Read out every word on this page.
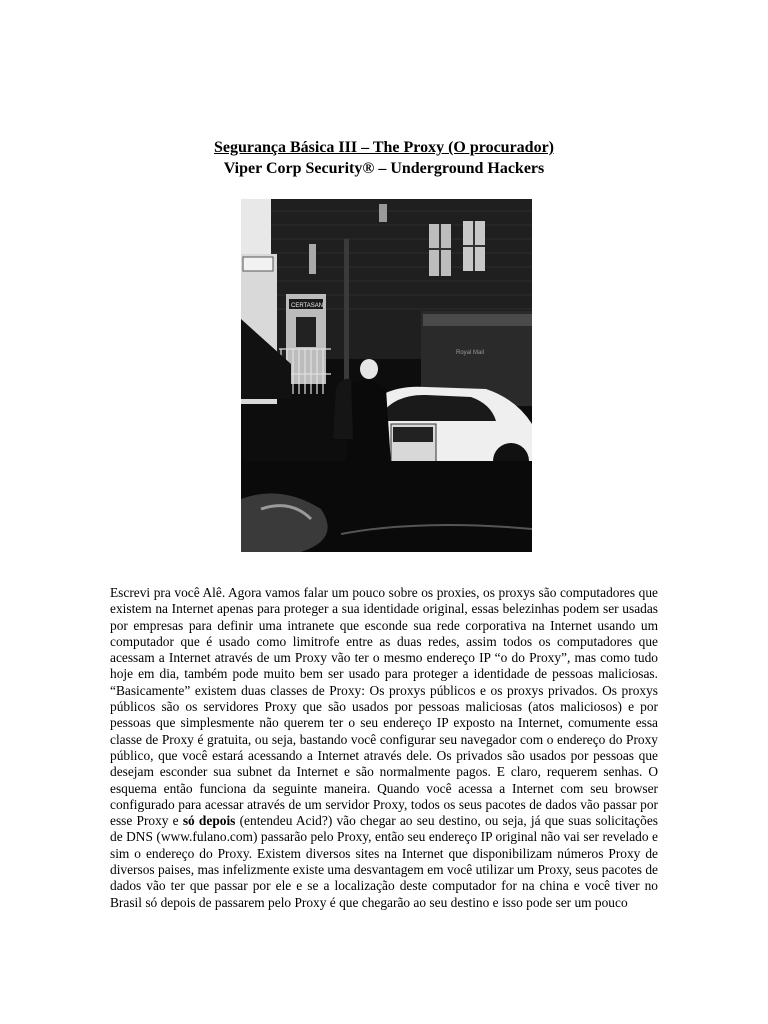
Segurança Básica III – The Proxy (O procurador)
Viper Corp Security® – Underground Hackers
CERTASAN
Royal Mail

Escrevi pra você Alê. Agora vamos falar um pouco sobre os proxies, os proxys são computadores que existem na Internet apenas para proteger a sua identidade original, essas belezinhas podem ser usadas por empresas para definir uma intranete que esconde sua rede corporativa na Internet usando um computador que é usado como limitrofe entre as duas redes, assim todos os computadores que acessam a Internet através de um Proxy vão ter o mesmo endereço IP “o do Proxy”, mas como tudo hoje em dia, também pode muito bem ser usado para proteger a identidade de pessoas maliciosas. “Basicamente” existem duas classes de Proxy: Os proxys públicos e os proxys privados. Os proxys públicos são os servidores Proxy que são usados por pessoas maliciosas (atos maliciosos) e por pessoas que simplesmente não querem ter o seu endereço IP exposto na Internet, comumente essa classe de Proxy é gratuita, ou seja, bastando você configurar seu navegador com o endereço do Proxy público, que você estará acessando a Internet através dele. Os privados são usados por pessoas que desejam esconder sua subnet da Internet e são normalmente pagos. E claro, requerem senhas. O esquema então funciona da seguinte maneira. Quando você acessa a Internet com seu browser configurado para acessar através de um servidor Proxy, todos os seus pacotes de dados vão passar por esse Proxy e só depois (entendeu Acid?) vão chegar ao seu destino, ou seja, já que suas solicitações de DNS (www.fulano.com) passarão pelo Proxy, então seu endereço IP original não vai ser revelado e sim o endereço do Proxy. Existem diversos sites na Internet que disponibilizam números Proxy de diversos paises, mas infelizmente existe uma desvantagem em você utilizar um Proxy, seus pacotes de dados vão ter que passar por ele e se a localização deste computador for na china e você tiver no Brasil só depois de passarem pelo Proxy é que chegarão ao seu destino e isso pode ser um pouco
